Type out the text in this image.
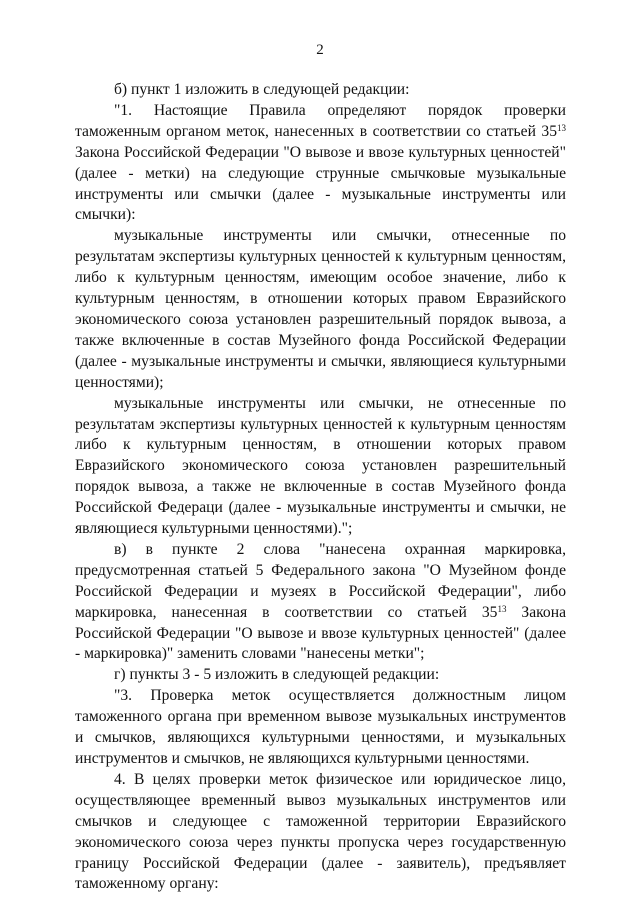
2

б) пункт 1 изложить в следующей редакции:

"1. Настоящие Правила определяют порядок проверки таможенным органом меток, нанесенных в соответствии со статьей $35^{13}$ Закона Российской Федерации "О вывозе и ввозе культурных ценностей" (далее - метки) на следующие струнные смычковые музыкальные инструменты или смычки (далее - музыкальные инструменты или смычки):

музыкальные инструменты или смычки, отнесенные по результатам экспертизы культурных ценностей к культурным ценностям, либо к культурным ценностям, имеющим особое значение, либо к культурным ценностям, в отношении которых правом Евразийского экономического союза установлен разрешительный порядок вывоза, а также включенные в состав Музейного фонда Российской Федерации (далее - музыкальные инструменты и смычки, являющиеся культурными ценностями);

музыкальные инструменты или смычки, не отнесенные по результатам экспертизы культурных ценностей к культурным ценностям либо к культурным ценностям, в отношении которых правом Евразийского экономического союза установлен разрешительный порядок вывоза, а также не включенные в состав Музейного фонда Российской Федераци (далее - музыкальные инструменты и смычки, не являющиеся культурными ценностями).";

в) в пункте 2 слова "нанесена охранная маркировка, предусмотренная статьей 5 Федерального закона "О Музейном фонде Российской Федерации и музеях в Российской Федерации", либо маркировка, нанесенная в соответствии со статьей $35^{13}$ Закона Российской Федерации "О вывозе и ввозе культурных ценностей" (далее - маркировка)" заменить словами "нанесены метки";

г) пункты 3 - 5 изложить в следующей редакции:

"3. Проверка меток осуществляется должностным лицом таможенного органа при временном вывозе музыкальных инструментов и смычков, являющихся культурными ценностями, и музыкальных инструментов и смычков, не являющихся культурными ценностями.

4. В целях проверки меток физическое или юридическое лицо, осуществляющее временный вывоз музыкальных инструментов или смычков и следующее с таможенной территории Евразийского экономического союза через пункты пропуска через государственную границу Российской Федерации (далее - заявитель), предъявляет таможенному органу:
